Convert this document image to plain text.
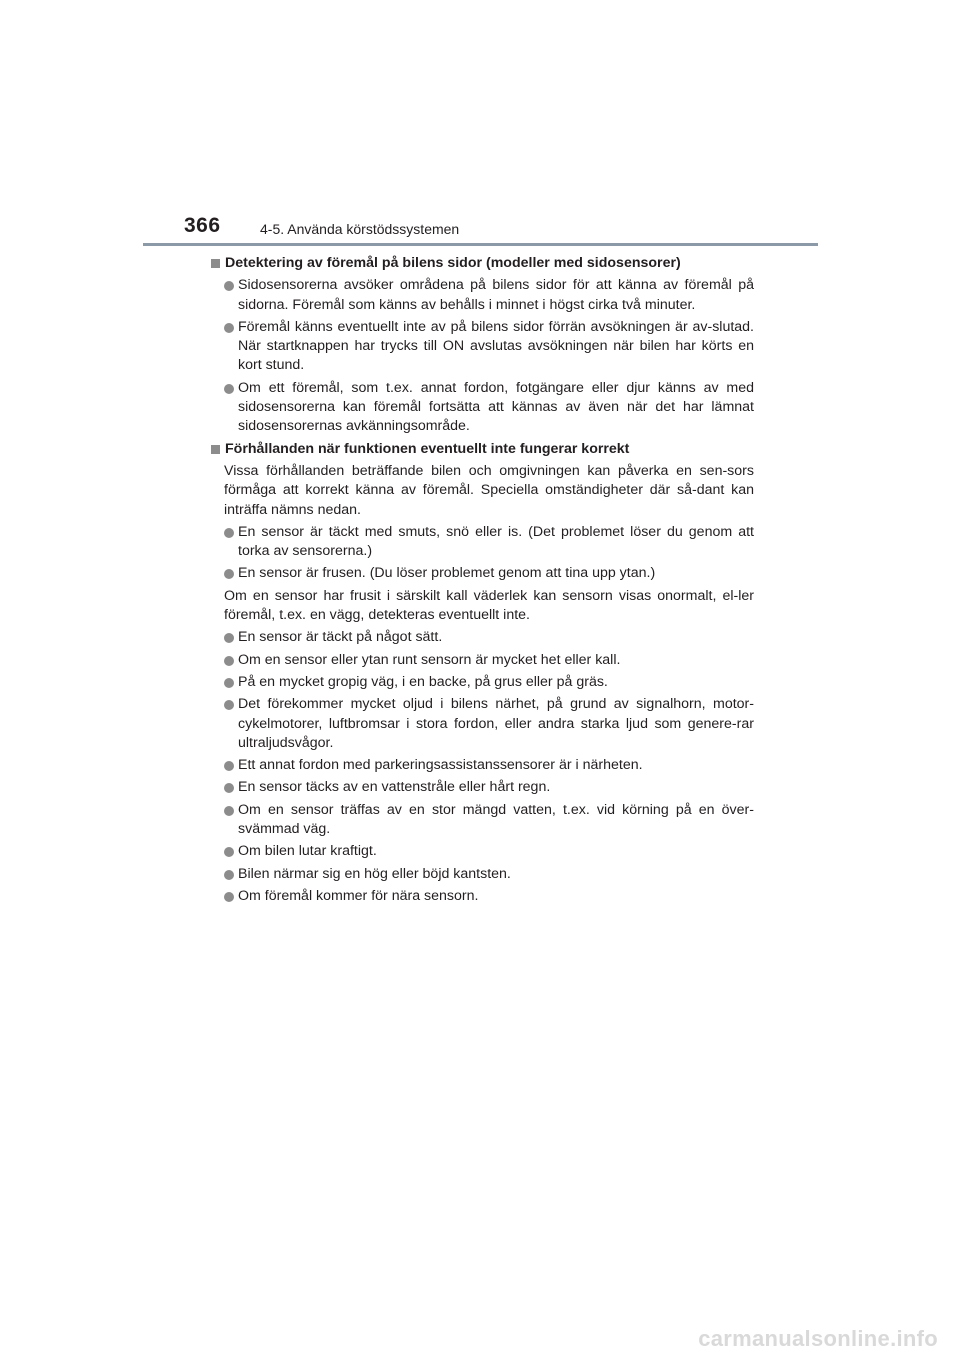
366	4-5. Använda körstödssystemen
Detektering av föremål på bilens sidor (modeller med sidosensorer)
Sidosensorerna avsöker områdena på bilens sidor för att känna av föremål på sidorna. Föremål som känns av behålls i minnet i högst cirka två minuter.
Föremål känns eventuellt inte av på bilens sidor förrän avsökningen är av-slutad. När startknappen har trycks till ON avslutas avsökningen när bilen har körts en kort stund.
Om ett föremål, som t.ex. annat fordon, fotgängare eller djur känns av med sidosensorerna kan föremål fortsätta att kännas av även när det har lämnat sidosensorernas avkänningsområde.
Förhållanden när funktionen eventuellt inte fungerar korrekt
Vissa förhållanden beträffande bilen och omgivningen kan påverka en sen-sors förmåga att korrekt känna av föremål. Speciella omständigheter där så-dant kan inträffa nämns nedan.
En sensor är täckt med smuts, snö eller is. (Det problemet löser du genom att torka av sensorerna.)
En sensor är frusen. (Du löser problemet genom att tina upp ytan.)
Om en sensor har frusit i särskilt kall väderlek kan sensorn visas onormalt, el-ler föremål, t.ex. en vägg, detekteras eventuellt inte.
En sensor är täckt på något sätt.
Om en sensor eller ytan runt sensorn är mycket het eller kall.
På en mycket gropig väg, i en backe, på grus eller på gräs.
Det förekommer mycket oljud i bilens närhet, på grund av signalhorn, motor-cykelmotorer, luftbromsar i stora fordon, eller andra starka ljud som genere-rar ultraljudsvågor.
Ett annat fordon med parkeringsassistanssensorer är i närheten.
En sensor täcks av en vattenstråle eller hårt regn.
Om en sensor träffas av en stor mängd vatten, t.ex. vid körning på en över-svämmad väg.
Om bilen lutar kraftigt.
Bilen närmar sig en hög eller böjd kantsten.
Om föremål kommer för nära sensorn.
carmanualsonline.info
